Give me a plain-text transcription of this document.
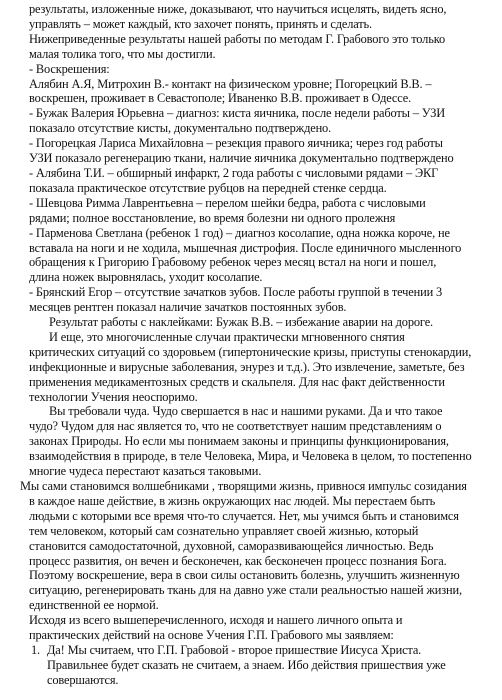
результаты, изложенные ниже, доказывают, что научиться исцелять, видеть ясно,
управлять – может каждый, кто захочет понять, принять и сделать.
Нижеприведенные результаты нашей работы по методам Г. Грабового это только
малая толика того, что мы достигли.
- Воскрешения:
Алябин А.Я, Митрохин В.- контакт на физическом уровне; Погорецкий В.В. –
воскрешен, проживает в Севастополе; Иваненко В.В. проживает в Одессе.
- Бужак Валерия Юрьевна – диагноз: киста яичника, после недели работы – УЗИ
показало отсутствие кисты, документально подтверждено.
- Погорецкая Лариса Михайловна – резекция правого яичника; через год работы
УЗИ показало регенерацию ткани, наличие яичника документально подтверждено
- Алябина Т.И. – обширный инфаркт, 2 года работы с числовыми рядами – ЭКГ
показала практическое отсутствие рубцов на передней стенке сердца.
- Шевцова Римма Лаврентьевна – перелом шейки бедра, работа с числовыми
рядами; полное восстановление, во время болезни ни одного пролежня
- Парменова Светлана (ребенок 1 год) – диагноз косолапие, одна ножка короче, не
вставала на ноги и не ходила, мышечная дистрофия. После единичного мысленного
обращения к Григорию Грабовому ребенок через месяц встал на ноги и пошел,
длина ножек выровнялась, уходит косолапие.
- Брянский Егор – отсутствие зачатков зубов. После работы группой в течении 3
месяцев рентген показал наличие зачатков постоянных зубов.
Результат работы с наклейками: Бужак В.В. – избежание аварии на дороге.
И еще, это многочисленные случаи практически мгновенного снятия
критических ситуаций со здоровьем (гипертонические кризы, приступы стенокардии,
инфекционные и вирусные заболевания, энурез и т.д.). Это извлечение, заметьте, без
применения медикаментозных средств и скальпеля. Для нас факт действенности
технологии Учения неоспоримо.
Вы требовали чуда. Чудо свершается в нас и нашими руками. Да и что такое
чудо? Чудом для нас является то, что не соответствует нашим представлениям о
законах Природы. Но если мы понимаем законы и принципы функционирования,
взаимодействия в природе, в теле Человека, Мира, и Человека в целом, то постепенно
многие чудеса перестают казаться таковыми.
Мы сами становимся волшебниками , творящими жизнь, привнося импульс созидания
в каждое наше действие, в жизнь окружающих нас людей. Мы перестаем быть
людьми с которыми все время что-то случается. Нет, мы учимся быть и становимся
тем человеком, который сам сознательно управляет своей жизнью, который
становится самодостаточной, духовной, саморазвивающейся личностью. Ведь
процесс развития, он вечен и бесконечен, как бесконечен процесс познания Бога.
Поэтому воскрешение, вера в свои силы остановить болезнь, улучшить жизненную
ситуацию, регенерировать ткань для на давно уже стали реальностью нашей жизни,
единственной ее нормой.
Исходя из всего вышеперечисленного, исходя и нашего личного опыта и
практических действий на основе Учения Г.П. Грабового мы заявляем:
1. Да! Мы считаем, что Г.П. Грабовой - второе пришествие Иисуса Христа.
Правильнее будет сказать не считаем, а знаем. Ибо действия пришествия уже
совершаются.
